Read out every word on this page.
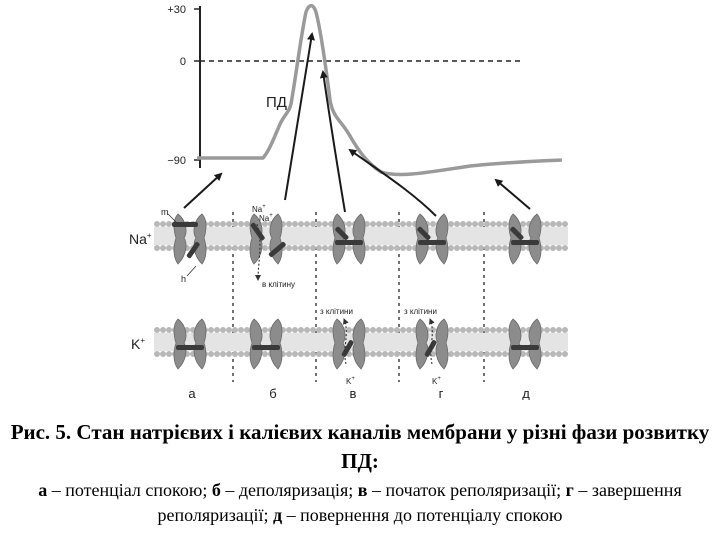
+30
0
−90
ПД
Na+
K+
m
h
Na+
Na+
в клітину
з клітини
K+
з клітини
K+
а	б	в	г	д
Рис. 5. Стан натрієвих і калієвих каналів мембрани у різні фази розвитку ПД:
а – потенціал спокою; б – деполяризація; в – початок реполяризації; г – завершення реполяризації; д – повернення до потенціалу спокою
